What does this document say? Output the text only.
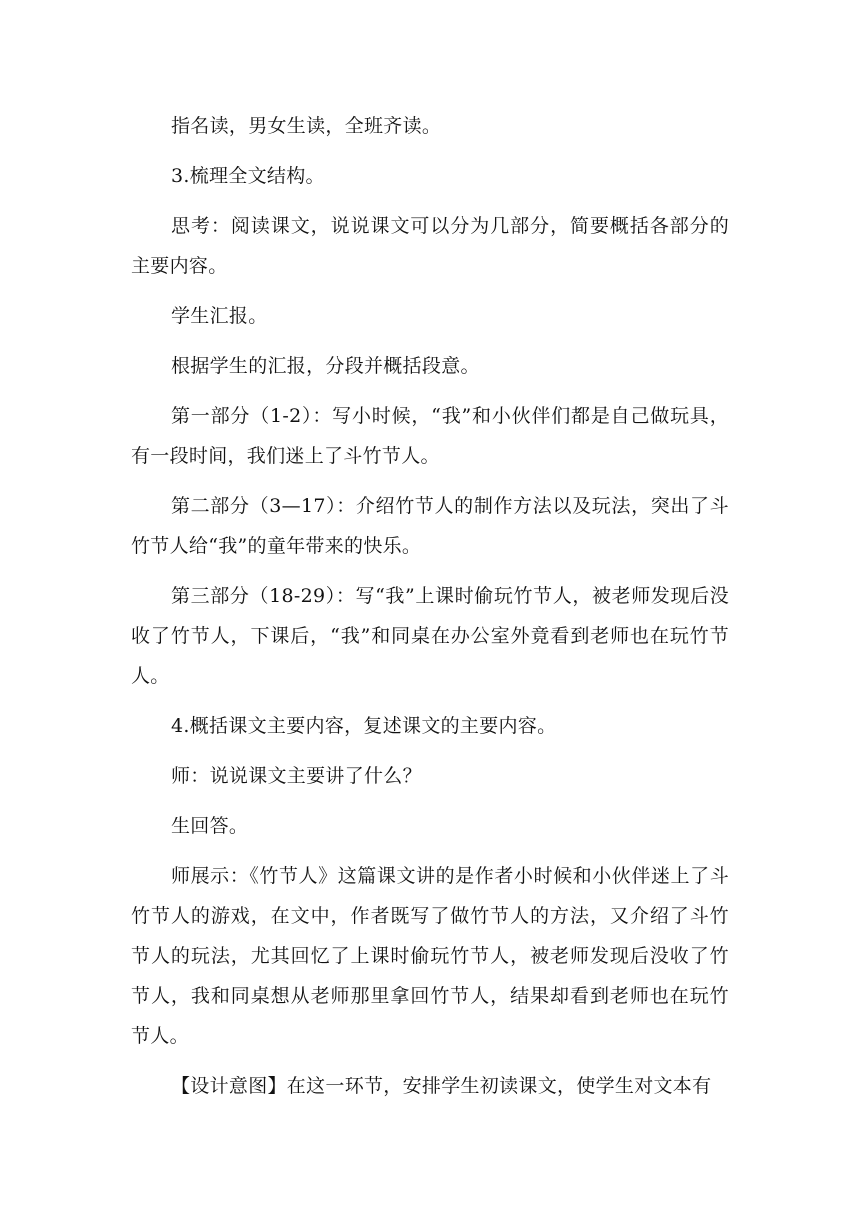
指名读，男女生读，全班齐读。

3.梳理全文结构。

思考：阅读课文，说说课文可以分为几部分，简要概括各部分的主要内容。

学生汇报。

根据学生的汇报，分段并概括段意。

第一部分（1-2）：写小时候，“我”和小伙伴们都是自己做玩具，有一段时间，我们迷上了斗竹节人。

第二部分（3—17）：介绍竹节人的制作方法以及玩法，突出了斗竹节人给“我”的童年带来的快乐。

第三部分（18-29）：写“我”上课时偷玩竹节人，被老师发现后没收了竹节人，下课后，“我”和同桌在办公室外竟看到老师也在玩竹节人。

4.概括课文主要内容，复述课文的主要内容。

师：说说课文主要讲了什么？

生回答。

师展示：《竹节人》这篇课文讲的是作者小时候和小伙伴迷上了斗竹节人的游戏，在文中，作者既写了做竹节人的方法，又介绍了斗竹节人的玩法，尤其回忆了上课时偷玩竹节人，被老师发现后没收了竹节人，我和同桌想从老师那里拿回竹节人，结果却看到老师也在玩竹节人。

【设计意图】在这一环节，安排学生初读课文，使学生对文本有
